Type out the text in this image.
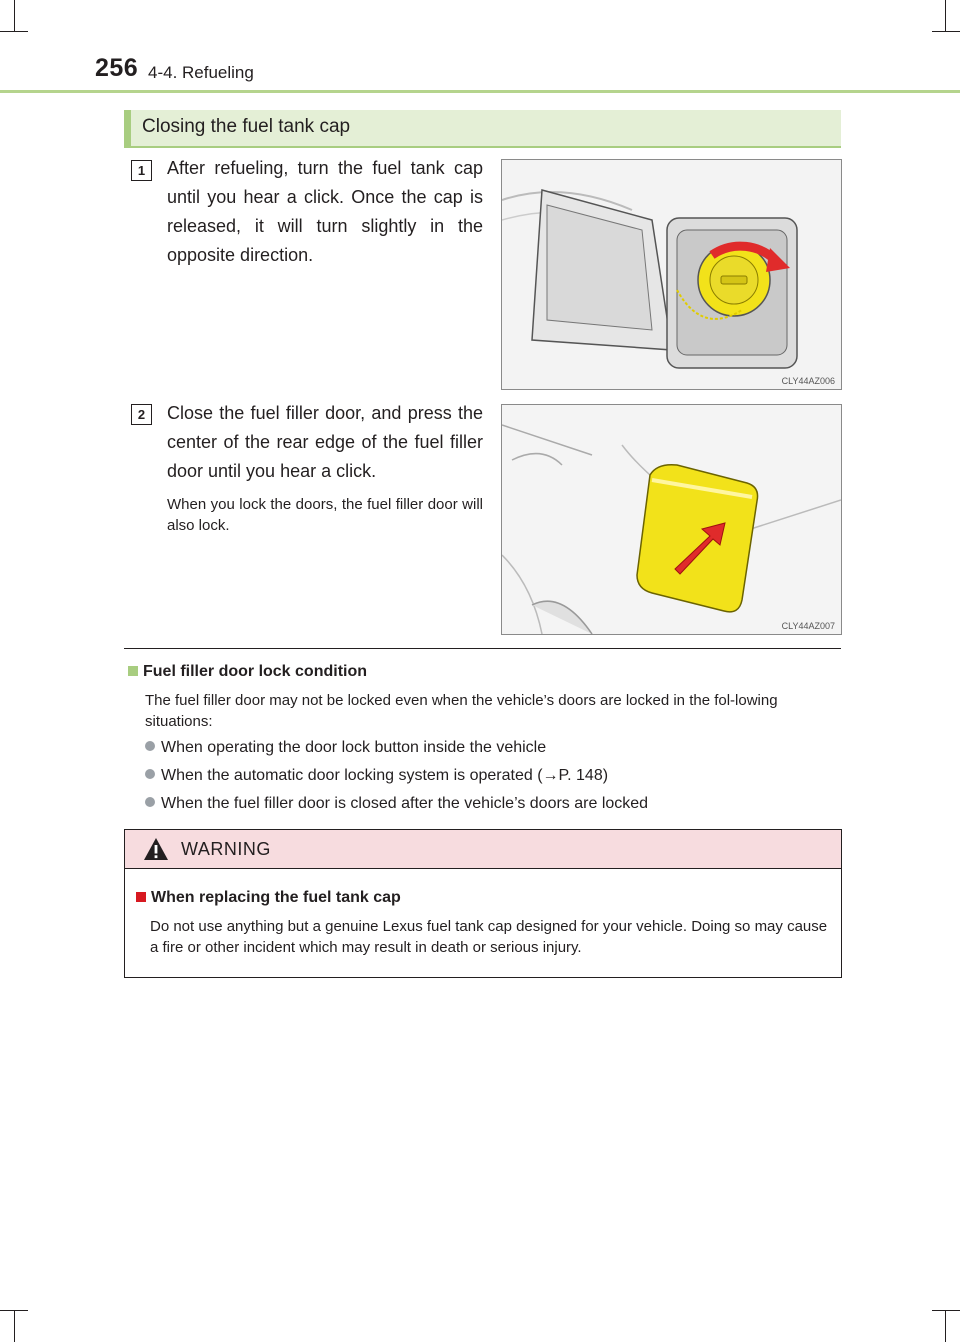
256 4-4. Refueling
Closing the fuel tank cap
1	After refueling, turn the fuel tank cap until you hear a click. Once the cap is released, it will turn slightly in the opposite direction.
CLY44AZ006
2	Close the fuel filler door, and press the center of the rear edge of the fuel filler door until you hear a click.
When you lock the doors, the fuel filler door will also lock.
CLY44AZ007
Fuel filler door lock condition
The fuel filler door may not be locked even when the vehicle’s doors are locked in the fol-lowing situations:
When operating the door lock button inside the vehicle
When the automatic door locking system is operated (→P. 148)
When the fuel filler door is closed after the vehicle’s doors are locked
WARNING
When replacing the fuel tank cap
Do not use anything but a genuine Lexus fuel tank cap designed for your vehicle. Doing so may cause a fire or other incident which may result in death or serious injury.
